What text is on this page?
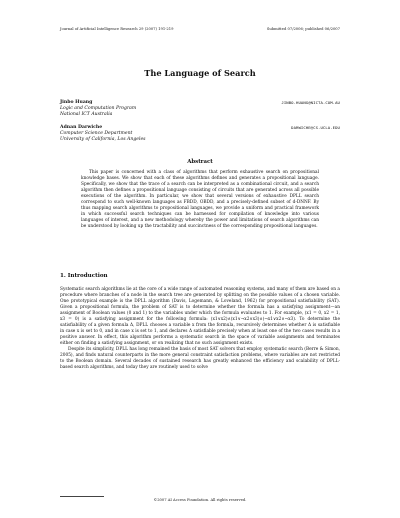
Journal of Artificial Intelligence Research 29 (2007) 191-219	Submitted 07/2006; published 06/2007
The Language of Search
Jinbo Huang
Logic and Computation Program
National ICT Australia
JINBO.HUANG@NICTA.COM.AU
Adnan Darwiche
Computer Science Department
University of California, Los Angeles
DARWICHE@CS.UCLA.EDU
Abstract
This paper is concerned with a class of algorithms that perform exhaustive search on propositional knowledge bases. We show that each of these algorithms defines and generates a propositional language. Specifically, we show that the trace of a search can be interpreted as a combinational circuit, and a search algorithm then defines a propositional language consisting of circuits that are generated across all possible executions of the algorithm. In particular, we show that several versions of exhaustive DPLL search correspond to such well-known languages as FBDD, OBDD, and a precisely-defined subset of d-DNNF. By thus mapping search algorithms to propositional languages, we provide a uniform and practical framework in which successful search techniques can be harnessed for compilation of knowledge into various languages of interest, and a new methodology whereby the power and limitations of search algorithms can be understood by looking up the tractability and succinctness of the corresponding propositional languages.
1. Introduction

Systematic search algorithms lie at the core of a wide range of automated reasoning systems, and many of them are based on a procedure where branches of a node in the search tree are generated by splitting on the possible values of a chosen variable. One prototypical example is the DPLL algorithm (Davis, Logemann, & Loveland, 1962) for propositional satisfiability (SAT). Given a propositional formula, the problem of SAT is to determine whether the formula has a satisfying assignment—an assignment of Boolean values (0 and 1) to the variables under which the formula evaluates to 1. For example, (x1 = 0, x2 = 1, x3 = 0) is a satisfying assignment for the following formula: (x1∨x2)∧(x1∨¬x2∨x3)∧(¬x1∨x2∨¬x3). To determine the satisfiability of a given formula Δ, DPLL chooses a variable x from the formula, recursively determines whether Δ is satisfiable in case x is set to 0, and in case x is set to 1, and declares Δ satisfiable precisely when at least one of the two cases results in a positive answer. In effect, this algorithm performs a systematic search in the space of variable assignments and terminates either on finding a satisfying assignment, or on realizing that no such assignment exists.

Despite its simplicity, DPLL has long remained the basis of most SAT solvers that employ systematic search (Berre & Simon, 2005), and finds natural counterparts in the more general constraint satisfaction problems, where variables are not restricted to the Boolean domain. Several decades of sustained research has greatly enhanced the efficiency and scalability of DPLL-based search algorithms, and today they are routinely used to solve

©2007 AI Access Foundation. All rights reserved.
